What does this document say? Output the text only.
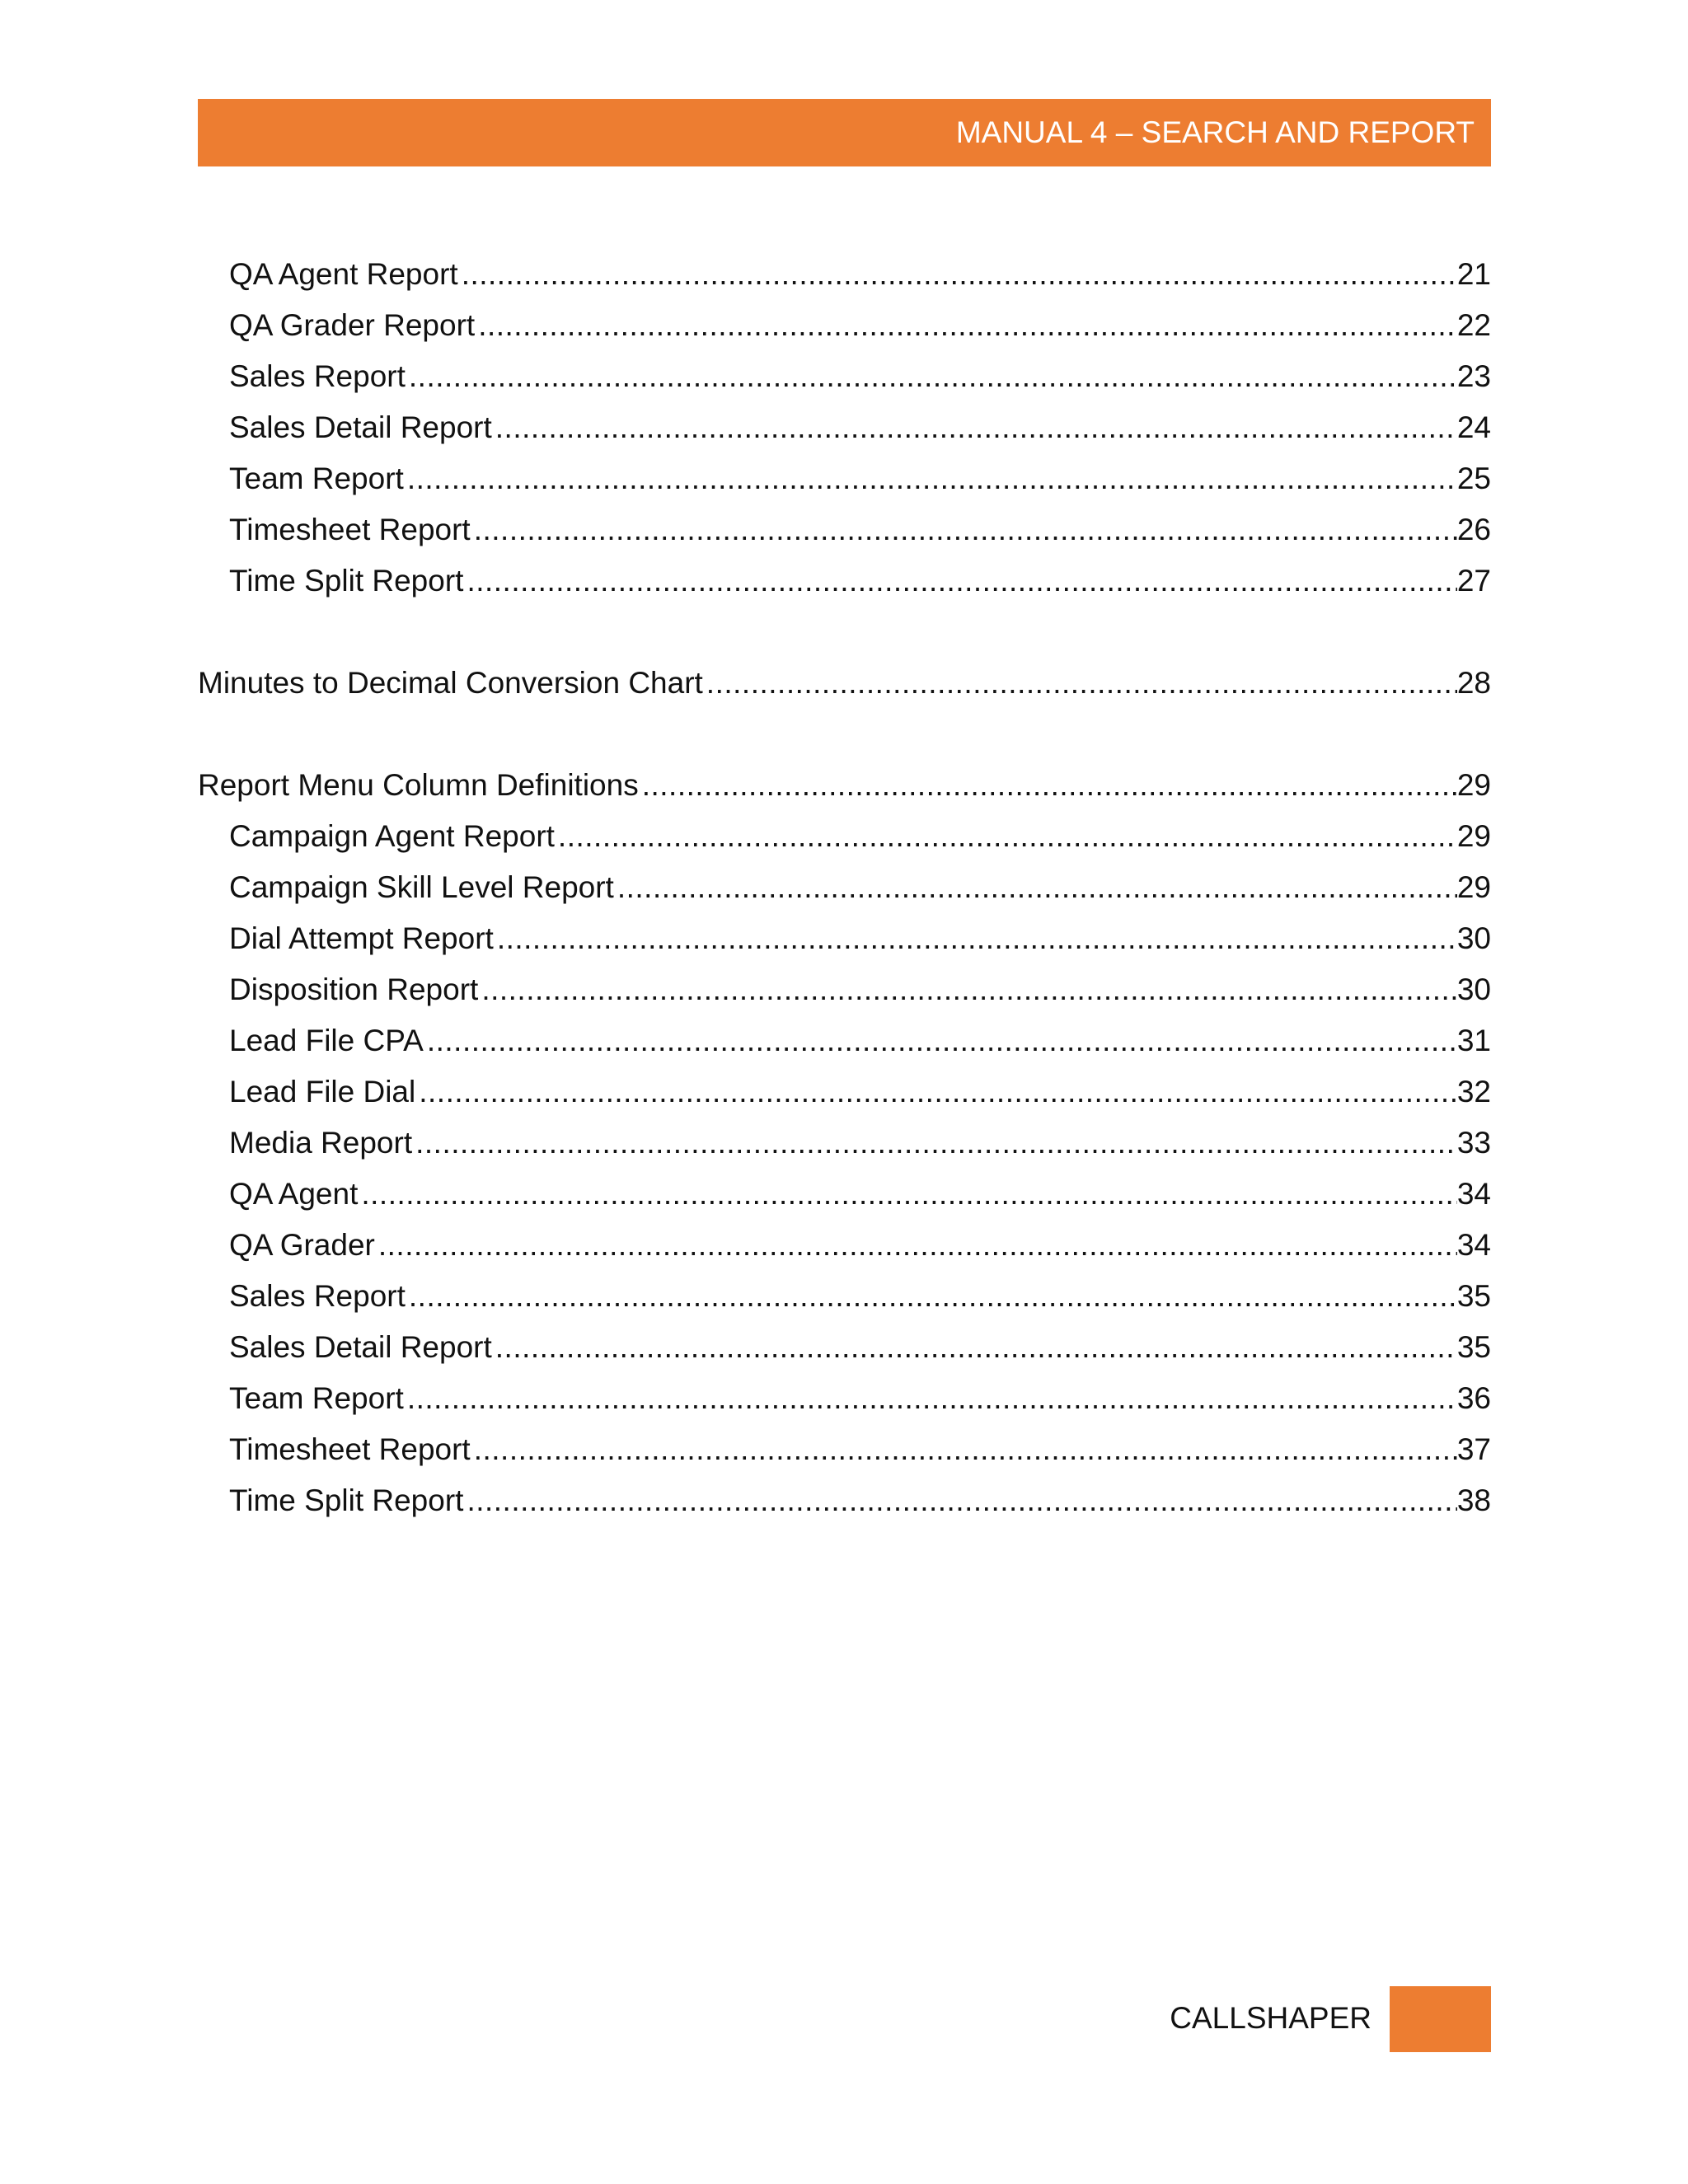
MANUAL 4 – SEARCH AND REPORT
QA Agent Report .....	21
QA Grader Report .....	22
Sales Report .....	23
Sales Detail Report .....	24
Team Report .....	25
Timesheet Report .....	26
Time Split Report .....	27
Minutes to Decimal Conversion Chart .....	28
Report Menu Column Definitions .....	29
Campaign Agent Report .....	29
Campaign Skill Level Report .....	29
Dial Attempt Report .....	30
Disposition Report .....	30
Lead File CPA .....	31
Lead File Dial .....	32
Media Report .....	33
QA Agent .....	34
QA Grader .....	34
Sales Report .....	35
Sales Detail Report .....	35
Team Report .....	36
Timesheet Report .....	37
Time Split Report .....	38
CALLSHAPER
